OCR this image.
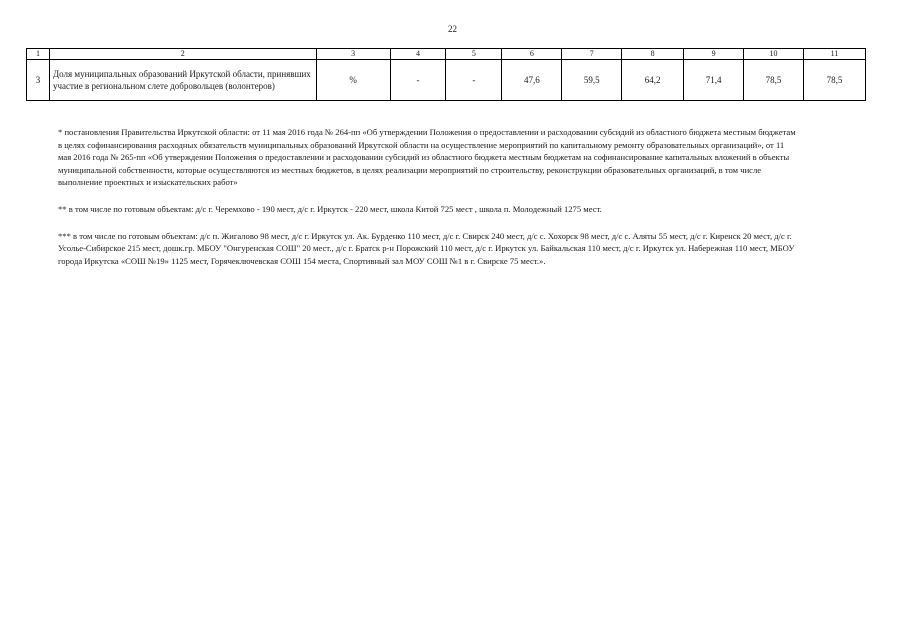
22
1	2	3	4	5	6	7	8	9	10	11
3	Доля муниципальных образований Иркутской области, принявших участие в региональном слете добровольцев (волонтеров)	%	-	-	47,6	59,5	64,2	71,4	78,5	78,5

* постановления Правительства Иркутской области: от 11 мая 2016 года № 264-пп «Об утверждении Положения о предоставлении и расходовании субсидий из областного бюджета местным бюджетам в целях софинансирования расходных обязательств муниципальных образований Иркутской области на осуществление мероприятий по капитальному ремонту образовательных организаций», от 11 мая 2016 года № 265-пп «Об утверждении Положения о предоставлении и расходовании субсидий из областного бюджета местным бюджетам на софинансирование капитальных вложений в объекты муниципальной собственности, которые осуществляются из местных бюджетов, в целях реализации мероприятий по строительству, реконструкции образовательных организаций, в том числе выполнение проектных и изыскательских работ»

** в том числе по готовым объектам: д/с г. Черемхово - 190 мест, д/с г. Иркутск - 220 мест, школа Китой 725 мест , школа п. Молодежный 1275 мест.

*** в том числе по готовым объектам: д/с п. Жигалово 98 мест, д/с г. Иркутск ул. Ак. Бурденко 110 мест, д/с г. Свирск 240 мест, д/с с. Хохорск 98 мест, д/с с. Аляты 55 мест, д/с г. Киренск 20 мест, д/с г. Усолье-Сибирское 215 мест, дошк.гр. МБОУ "Онгуренская СОШ" 20 мест., д/с г. Братск р-н Порожский 110 мест, д/с г. Иркутск ул. Байкальская 110 мест, д/с г. Иркутск ул. Набережная 110 мест, МБОУ города Иркутска «СОШ №19» 1125 мест, Горячеключевская СОШ 154 места, Спортивный зал МОУ СОШ №1 в г. Свирске 75 мест.».
